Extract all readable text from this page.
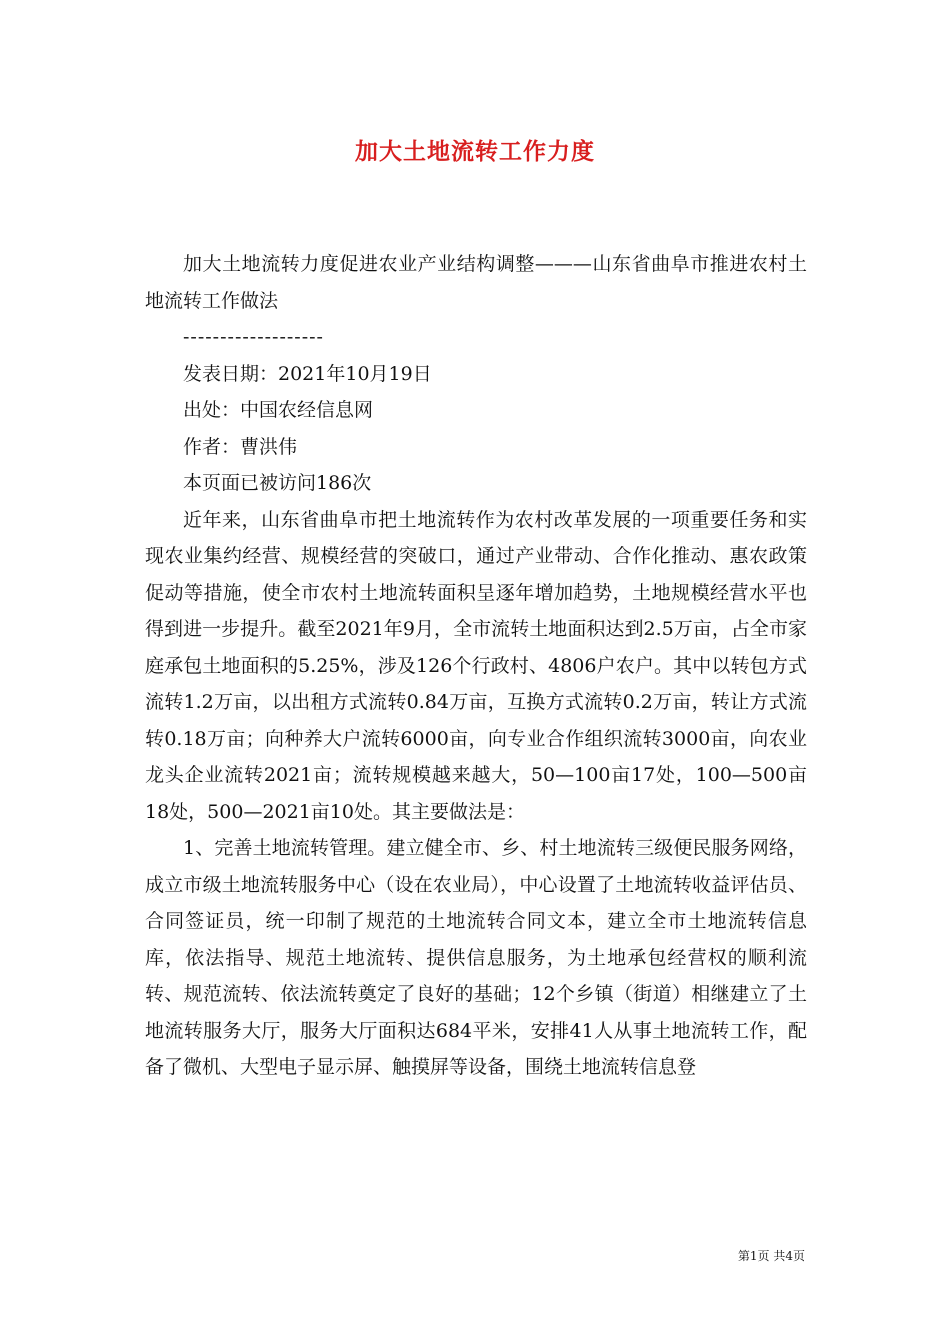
加大土地流转工作力度

加大土地流转力度促进农业产业结构调整———山东省曲阜市推进农村土地流转工作做法

-------------------

发表日期：2021年10月19日

出处：中国农经信息网

作者：曹洪伟

本页面已被访问186次

近年来，山东省曲阜市把土地流转作为农村改革发展的一项重要任务和实现农业集约经营、规模经营的突破口，通过产业带动、合作化推动、惠农政策促动等措施，使全市农村土地流转面积呈逐年增加趋势，土地规模经营水平也得到进一步提升。截至2021年9月，全市流转土地面积达到2.5万亩，占全市家庭承包土地面积的5.25%，涉及126个行政村、4806户农户。其中以转包方式流转1.2万亩，以出租方式流转0.84万亩，互换方式流转0.2万亩，转让方式流转0.18万亩；向种养大户流转6000亩，向专业合作组织流转3000亩，向农业龙头企业流转2021亩；流转规模越来越大，50—100亩17处，100—500亩18处，500—2021亩10处。其主要做法是：

1、完善土地流转管理。建立健全市、乡、村土地流转三级便民服务网络，成立市级土地流转服务中心（设在农业局），中心设置了土地流转收益评估员、合同签证员，统一印制了规范的土地流转合同文本，建立全市土地流转信息库，依法指导、规范土地流转、提供信息服务，为土地承包经营权的顺利流转、规范流转、依法流转奠定了良好的基础；12个乡镇（街道）相继建立了土地流转服务大厅，服务大厅面积达684平米，安排41人从事土地流转工作，配备了微机、大型电子显示屏、触摸屏等设备，围绕土地流转信息登

第1页 共4页
